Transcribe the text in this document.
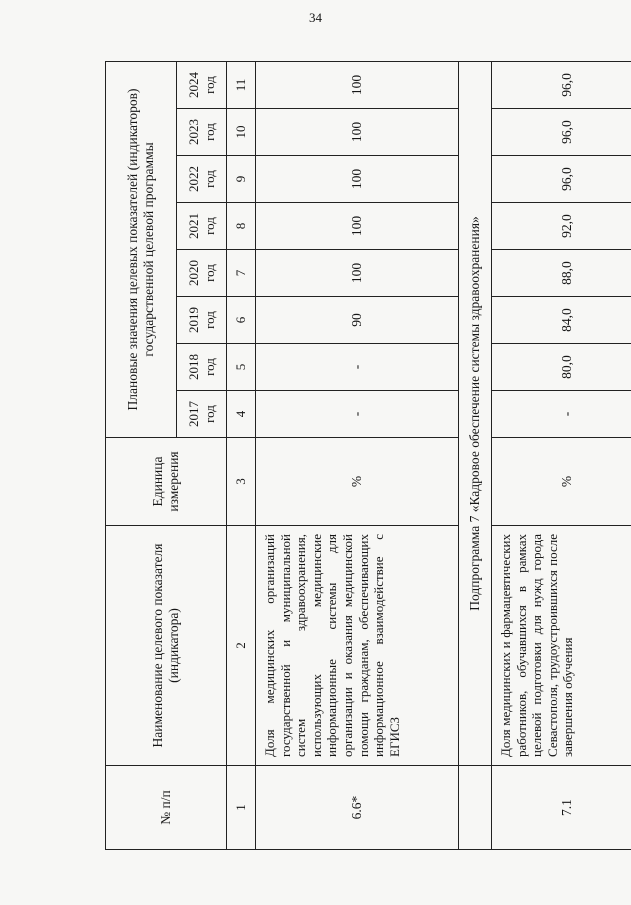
34
№ п/п	Наименование целевого показателя (индикатора)	Единица измерения	Плановые значения целевых показателей (индикаторов) государственной целевой программы							
			2017 год	2018 год	2019 год	2020 год	2021 год	2022 год	2023 год	2024 год
1	2	3	4	5	6	7	8	9	10	11
6.6*	Доля медицинских организаций государственной и муниципальной систем здравоохранения, использующих медицинские информационные системы для организации и оказания медицинской помощи гражданам, обеспечивающих информационное взаимодействие с ЕГИСЗ	%	-	-	90	100	100	100	100	100
	Подпрограмма 7 «Кадровое обеспечение системы здравоохранения»									
7.1	Доля медицинских и фармацевтических работников, обучавшихся в рамках целевой подготовки для нужд города Севастополя, трудоустроившихся после завершения обучения	%	-	80,0	84,0	88,0	92,0	96,0	96,0	96,0
